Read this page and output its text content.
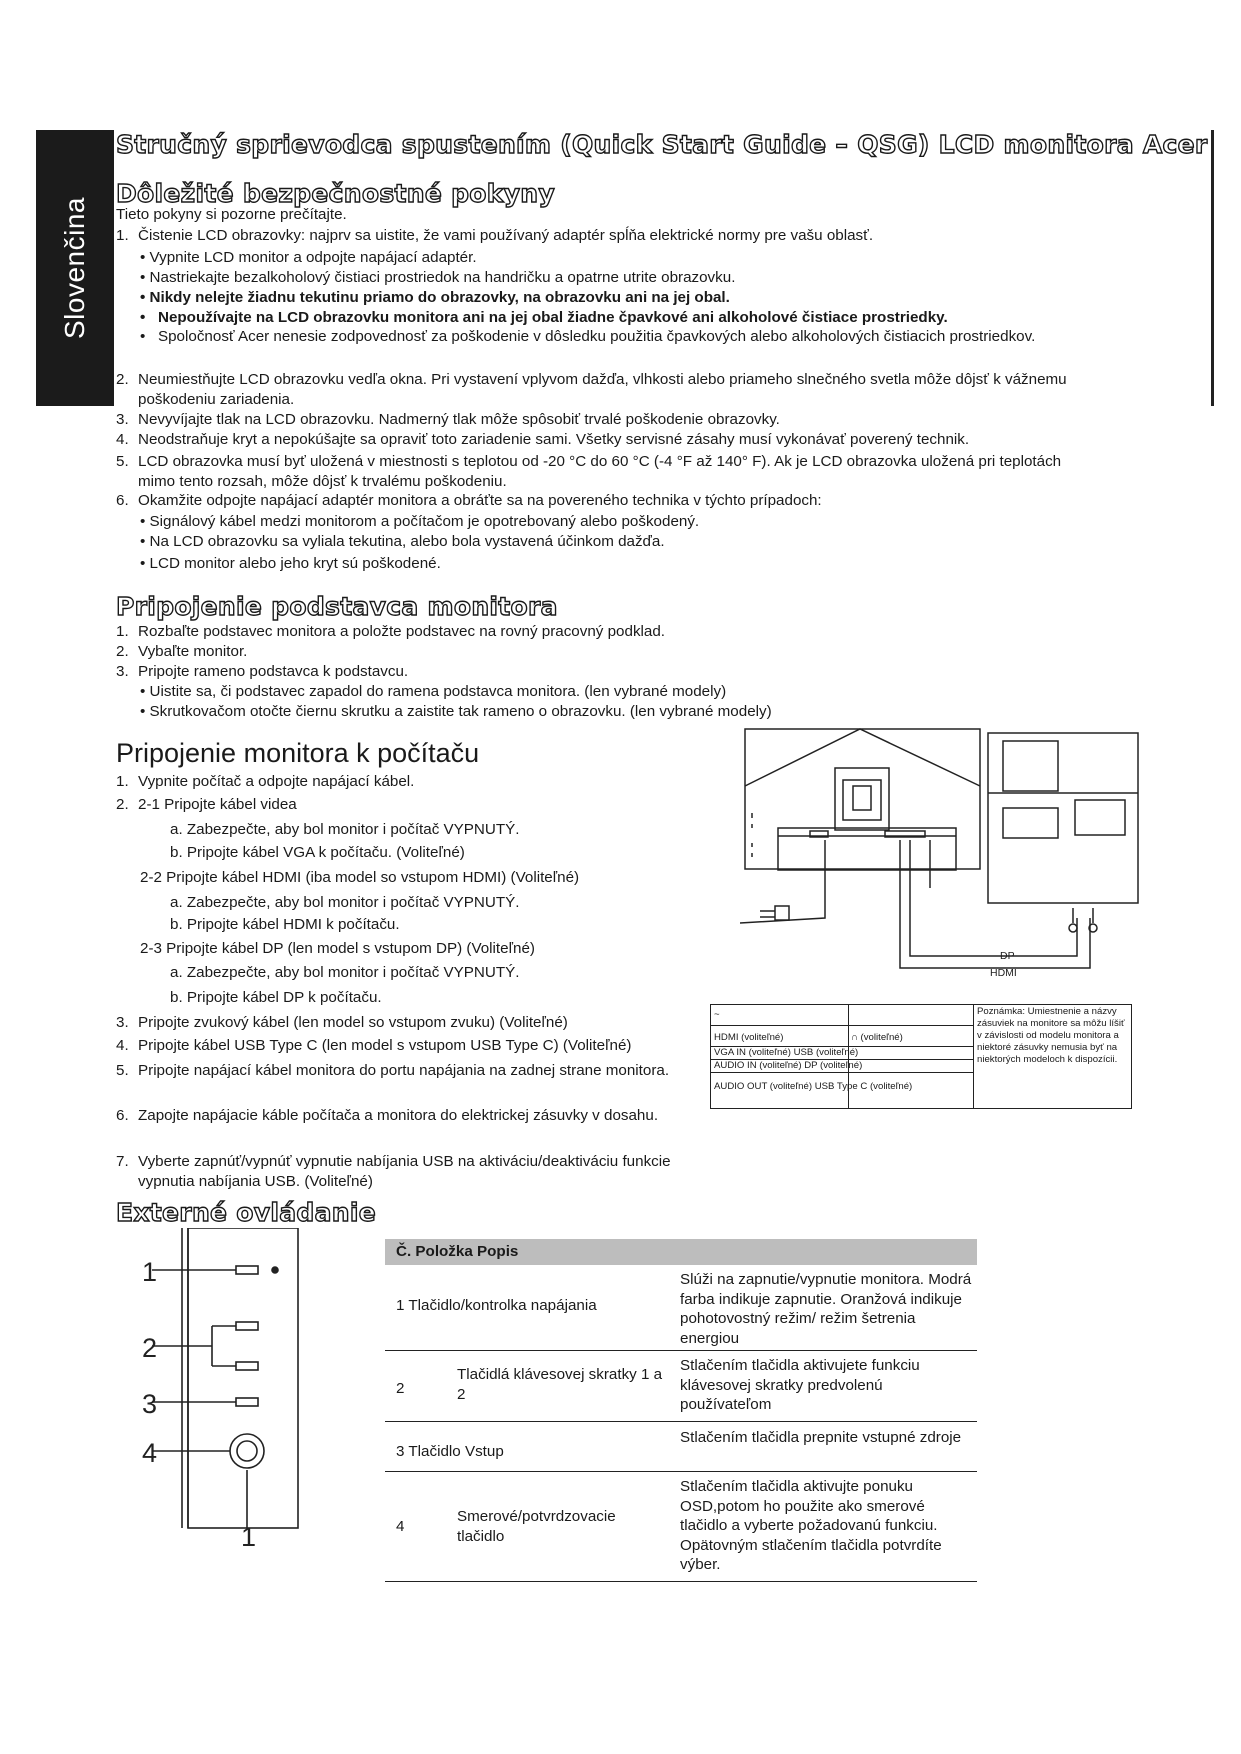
Slovenčina
Stručný sprievodca spustením (Quick Start Guide – QSG) LCD monitora Acer
Dôležité bezpečnostné pokyny

Tieto pokyny si pozorne prečítajte.

1. Čistenie LCD obrazovky: najprv sa uistite, že vami používaný adaptér spĺňa elektrické normy pre vašu oblasť.

• Vypnite LCD monitor a odpojte napájací adaptér.

• Nastriekajte bezalkoholový čistiaci prostriedok na handričku a opatrne utrite obrazovku.

• Nikdy nelejte žiadnu tekutinu priamo do obrazovky, na obrazovku ani na jej obal.

•   Nepoužívajte na LCD obrazovku monitora ani na jej obal žiadne čpavkové ani alkoholové čistiace prostriedky.

•   Spoločnosť Acer nenesie zodpovednosť za poškodenie v dôsledku použitia čpavkových alebo alkoholových čistiacich prostriedkov.

2. Neumiestňujte LCD obrazovku vedľa okna. Pri vystavení vplyvom dažďa, vlhkosti alebo priameho slnečného svetla môže dôjsť k vážnemu poškodeniu zariadenia.

3. Nevyvíjajte tlak na LCD obrazovku. Nadmerný tlak môže spôsobiť trvalé poškodenie obrazovky.

4. Neodstraňuje kryt a nepokúšajte sa opraviť toto zariadenie sami. Všetky servisné zásahy musí vykonávať poverený technik.

5. LCD obrazovka musí byť uložená v miestnosti s teplotou od -20 °C do 60 °C (-4 °F až 140° F). Ak je LCD obrazovka uložená pri teplotách mimo tento rozsah, môže dôjsť k trvalému poškodeniu.

6. Okamžite odpojte napájací adaptér monitora a obráťte sa na povereného technika v týchto prípadoch:

• Signálový kábel medzi monitorom a počítačom je opotrebovaný alebo poškodený.

• Na LCD obrazovku sa vyliala tekutina, alebo bola vystavená účinkom dažďa.

• LCD monitor alebo jeho kryt sú poškodené.

Pripojenie podstavca monitora
1. Rozbaľte podstavec monitora a položte podstavec na rovný pracovný podklad.

2. Vybaľte monitor.

3. Pripojte rameno podstavca k podstavcu.

• Uistite sa, či podstavec zapadol do ramena podstavca monitora. (len vybrané modely)

• Skrutkovačom otočte čiernu skrutku a zaistite tak rameno o obrazovku. (len vybrané modely)

Pripojenie monitora k počítaču
1. Vypnite počítač a odpojte napájací kábel.

2. 2-1 Pripojte kábel videa

a. Zabezpečte, aby bol monitor i počítač VYPNUTÝ.

b. Pripojte kábel VGA k počítaču. (Voliteľné)

2-2 Pripojte kábel HDMI (iba model so vstupom HDMI) (Voliteľné)

a. Zabezpečte, aby bol monitor i počítač VYPNUTÝ.

b. Pripojte kábel HDMI k počítaču.

2-3 Pripojte kábel DP (len model s vstupom DP) (Voliteľné)

a. Zabezpečte, aby bol monitor i počítač VYPNUTÝ.

b. Pripojte kábel DP k počítaču.

3. Pripojte zvukový kábel (len model so vstupom zvuku) (Voliteľné)

4. Pripojte kábel USB Type C (len model s vstupom USB Type C) (Voliteľné)

5. Pripojte napájací kábel monitora do portu napájania na zadnej strane monitora.

6. Zapojte napájacie káble počítača a monitora do elektrickej zásuvky v dosahu.

7. Vyberte zapnúť/vypnúť vypnutie nabíjania USB na aktiváciu/deaktiváciu funkcie vypnutia nabíjania USB. (Voliteľné)

DP
HDMI
~
HDMI (voliteľné)	∩ (voliteľné)
VGA IN (voliteľné) USB (voliteľné)
AUDIO IN (voliteľné) DP (voliteľné)
AUDIO OUT (voliteľné) USB Type C (voliteľné)
Poznámka: Umiestnenie a názvy zásuviek na monitore sa môžu líšiť v závislosti od modelu monitora a niektoré zásuvky nemusia byť na niektorých modeloch k dispozícii.
Externé ovládanie
1
2
3
4
1
Č. Položka Popis
1 Tlačidlo/kontrolka napájania
Slúži na zapnutie/vypnutie monitora. Modrá farba indikuje zapnutie. Oranžová indikuje pohotovostný režim/ režim šetrenia energiou
2
Tlačidlá klávesovej skratky 1 a 2
Stlačením tlačidla aktivujete funkciu klávesovej skratky predvolenú používateľom
3 Tlačidlo Vstup
Stlačením tlačidla prepnite vstupné zdroje
4
Smerové/potvrdzovacie tlačidlo
Stlačením tlačidla aktivujte ponuku OSD,potom ho použite ako smerové tlačidlo a vyberte požadovanú funkciu. Opätovným stlačením tlačidla potvrdíte výber.
